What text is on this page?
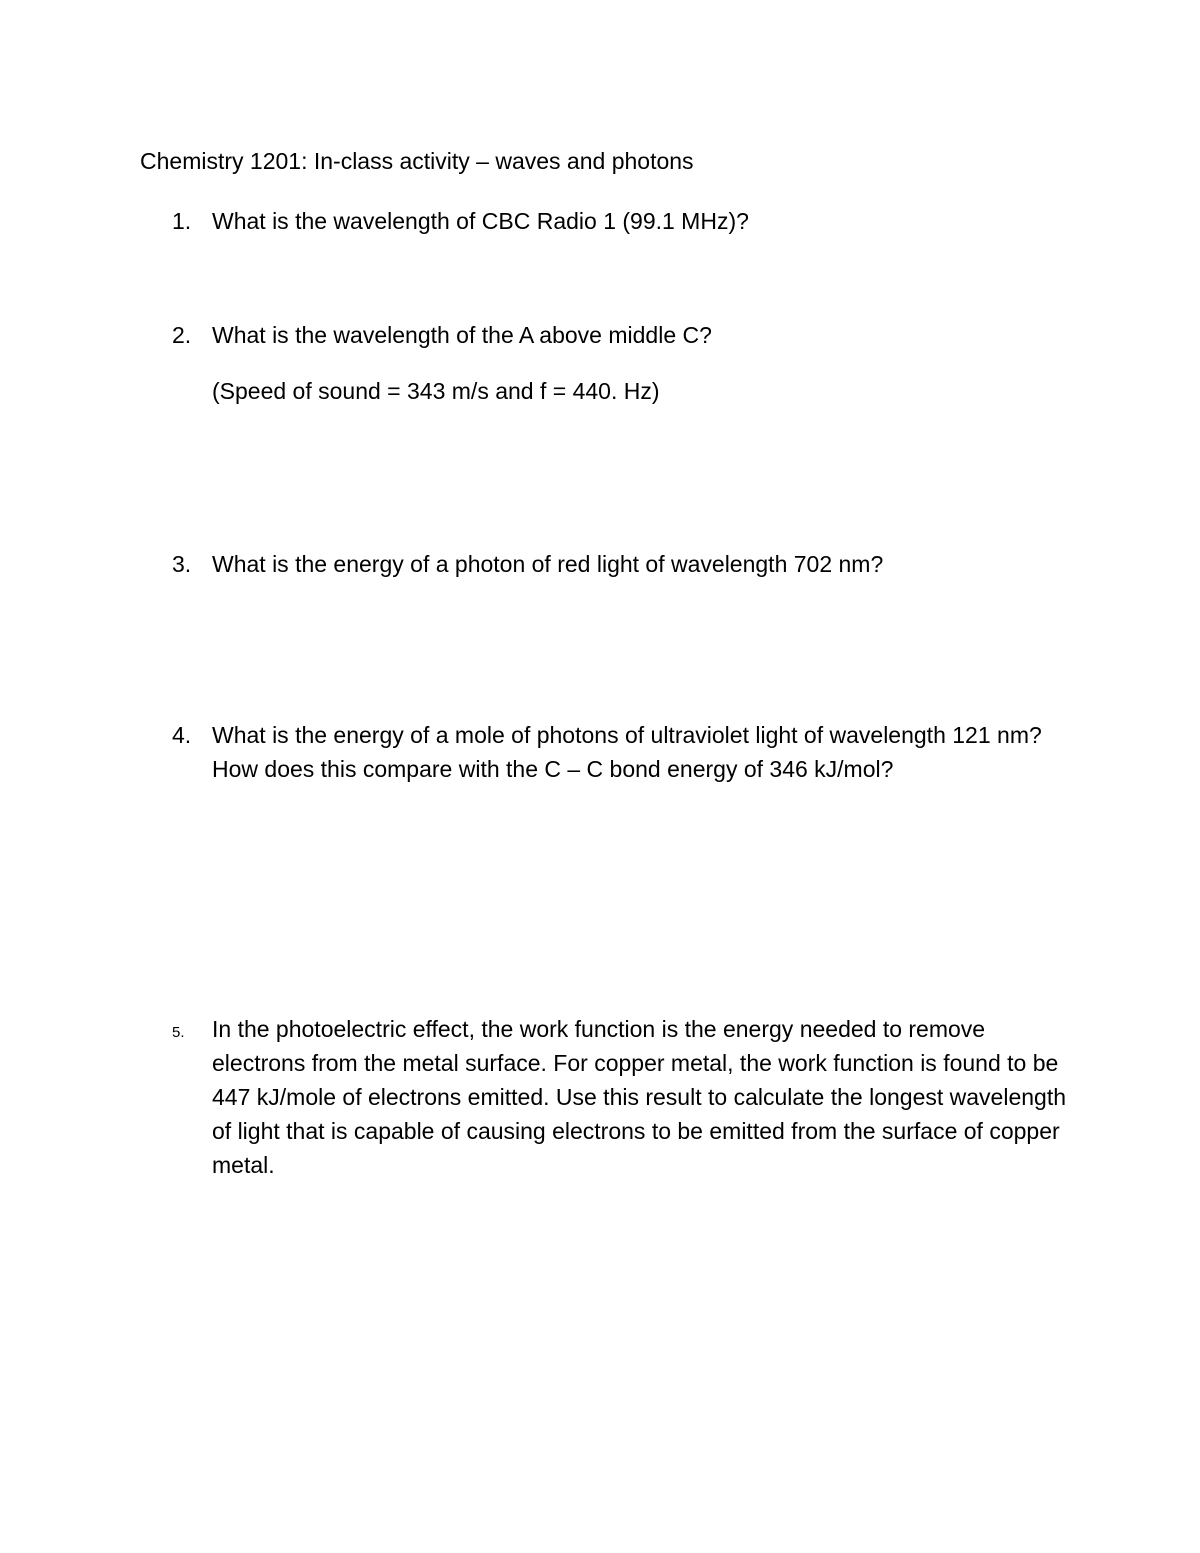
Chemistry 1201: In-class activity – waves and photons
1. What is the wavelength of CBC Radio 1 (99.1 MHz)?
2. What is the wavelength of the A above middle C?
(Speed of sound = 343 m/s and f = 440. Hz)
3. What is the energy of a photon of red light of wavelength 702 nm?
4. What is the energy of a mole of photons of ultraviolet light of wavelength 121 nm? How does this compare with the C – C bond energy of 346 kJ/mol?
5.	In the photoelectric effect, the work function is the energy needed to remove electrons from the metal surface. For copper metal, the work function is found to be 447 kJ/mole of electrons emitted. Use this result to calculate the longest wavelength of light that is capable of causing electrons to be emitted from the surface of copper metal.
